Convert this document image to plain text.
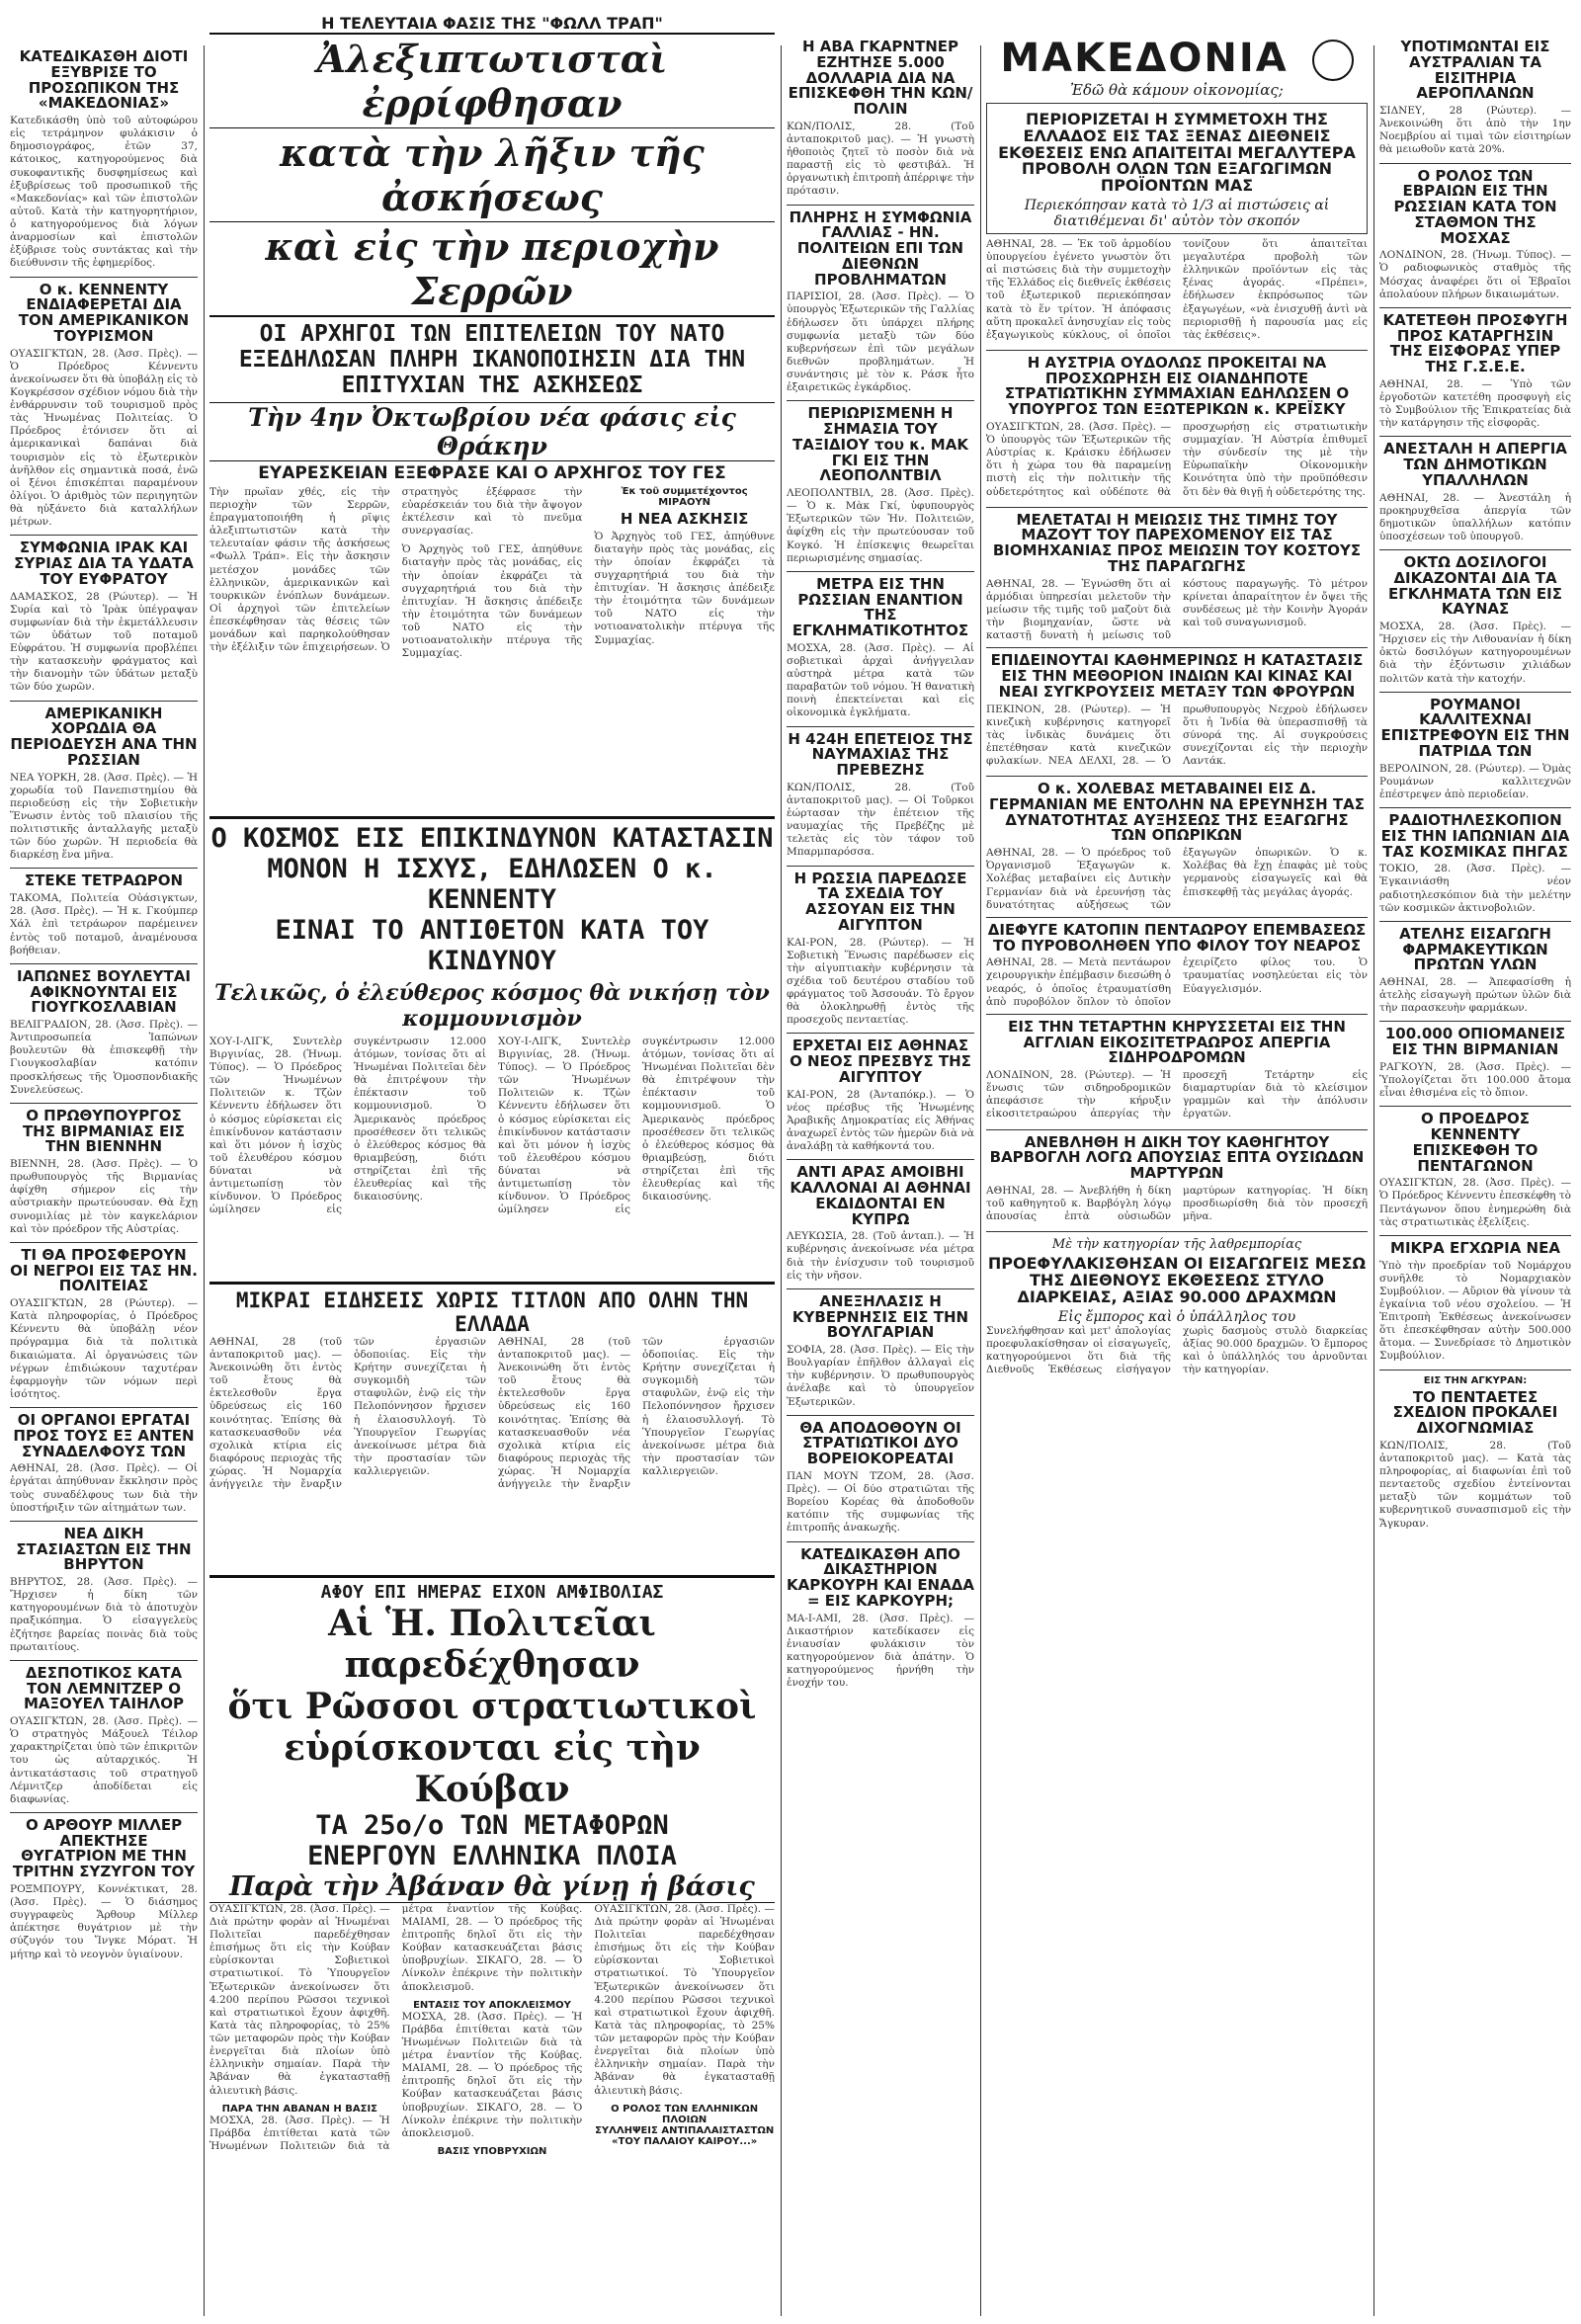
ΚΑΤΕΔΙΚΑΣΘΗ ΔΙΟΤΙ ΕΞΥΒΡΙΣΕ ΤΟ ΠΡΟΣΩΠΙΚΟΝ ΤΗΣ «ΜΑΚΕΔΟΝΙΑΣ»

Κατεδικάσθη ὑπὸ τοῦ αὐτοφώρου εἰς τετράμηνον φυλάκισιν ὁ δημοσιογράφος, ἐτῶν 37, κάτοικος, κατηγορούμενος διὰ συκοφαντικῆς δυσφημίσεως καὶ ἐξυβρίσεως τοῦ προσωπικοῦ τῆς «Μακεδονίας» καὶ τῶν ἐπιστολῶν αὐτοῦ. Κατὰ τὴν κατηγορητήριον, ὁ κατηγορούμενος διὰ λόγων ἀναρμοσίων καὶ ἐπιστολῶν ἐξύβρισε τοὺς συντάκτας καὶ τὴν διεύθυνσιν τῆς ἐφημερίδος.

Ο κ. ΚΕΝΝΕΝΤΥ ΕΝΔΙΑΦΕΡΕΤΑΙ ΔΙΑ ΤΟΝ ΑΜΕΡΙΚΑΝΙΚΟΝ ΤΟΥΡΙΣΜΟΝ

ΟΥΑΣΙΓΚΤΩΝ, 28. (Ἀσσ. Πρὲς). — Ὁ Πρόεδρος Κέννεντυ ἀνεκοίνωσεν ὅτι θὰ ὑποβάλῃ εἰς τὸ Κογκρέσσον σχέδιον νόμου διὰ τὴν ἐνθάρρυνσιν τοῦ τουρισμοῦ πρὸς τὰς Ἡνωμένας Πολιτείας. Ὁ Πρόεδρος ἐτόνισεν ὅτι αἱ ἀμερικανικαὶ δαπάναι διὰ τουρισμὸν εἰς τὸ ἐξωτερικὸν ἀνῆλθον εἰς σημαντικὰ ποσά, ἐνῶ οἱ ξένοι ἐπισκέπται παραμένουν ὀλίγοι. Ὁ ἀριθμὸς τῶν περιηγητῶν θὰ ηὐξάνετο διὰ καταλλήλων μέτρων.

ΣΥΜΦΩΝΙΑ ΙΡΑΚ ΚΑΙ ΣΥΡΙΑΣ ΔΙΑ ΤΑ ΥΔΑΤΑ ΤΟΥ ΕΥΦΡΑΤΟΥ

ΔΑΜΑΣΚΟΣ, 28 (Ρώυτερ). — Ἡ Συρία καὶ τὸ Ἰρὰκ ὑπέγραψαν συμφωνίαν διὰ τὴν ἐκμετάλλευσιν τῶν ὑδάτων τοῦ ποταμοῦ Εὐφράτου. Ἡ συμφωνία προβλέπει τὴν κατασκευὴν φράγματος καὶ τὴν διανομὴν τῶν ὑδάτων μεταξὺ τῶν δύο χωρῶν.

ΑΜΕΡΙΚΑΝΙΚΗ ΧΟΡΩΔΙΑ ΘΑ ΠΕΡΙΟΔΕΥΣΗ ΑΝΑ ΤΗΝ ΡΩΣΣΙΑΝ

ΝΕΑ ΥΟΡΚΗ, 28. (Ἀσσ. Πρὲς). — Ἡ χορωδία τοῦ Πανεπιστημίου θὰ περιοδεύσῃ εἰς τὴν Σοβιετικὴν Ἕνωσιν ἐντὸς τοῦ πλαισίου τῆς πολιτιστικῆς ἀνταλλαγῆς μεταξὺ τῶν δύο χωρῶν. Ἡ περιοδεία θὰ διαρκέσῃ ἕνα μῆνα.

ΣΤΕΚΕ ΤΕΤΡΑΩΡΟΝ

ΤΑΚΟΜΑ, Πολιτεία Οὐάσιγκτων, 28. (Ἀσσ. Πρὲς). — Ἡ κ. Γκούμπερ Χάλ ἐπὶ τετράωρον παρέμεινεν ἐντὸς τοῦ ποταμοῦ, ἀναμένουσα βοήθειαν.

ΙΑΠΩΝΕΣ ΒΟΥΛΕΥΤΑΙ ΑΦΙΚΝΟΥΝΤΑΙ ΕΙΣ ΓΙΟΥΓΚΟΣΛΑΒΙΑΝ

ΒΕΛΙΓΡΑΔΙΟΝ, 28. (Ἀσσ. Πρὲς). — Ἀντιπροσωπεία Ἰαπώνων βουλευτῶν θὰ ἐπισκεφθῇ τὴν Γιουγκοσλαβίαν κατόπιν προσκλήσεως τῆς Ὁμοσπονδιακῆς Συνελεύσεως.

Ο ΠΡΩΘΥΠΟΥΡΓΟΣ ΤΗΣ ΒΙΡΜΑΝΙΑΣ ΕΙΣ ΤΗΝ ΒΙΕΝΝΗΝ

ΒΙΕΝΝΗ, 28. (Ἀσσ. Πρὲς). — Ὁ πρωθυπουργὸς τῆς Βιρμανίας ἀφίχθη σήμερον εἰς τὴν αὐστριακὴν πρωτεύουσαν. Θὰ ἔχῃ συνομιλίας μὲ τὸν καγκελάριον καὶ τὸν πρόεδρον τῆς Αὐστρίας.

ΤΙ ΘΑ ΠΡΟΣΦΕΡΟΥΝ ΟΙ ΝΕΓΡΟΙ ΕΙΣ ΤΑΣ ΗΝ. ΠΟΛΙΤΕΙΑΣ

ΟΥΑΣΙΓΚΤΩΝ, 28 (Ρώυτερ). — Κατὰ πληροφορίας, ὁ Πρόεδρος Κέννεντυ θὰ ὑποβάλῃ νέον πρόγραμμα διὰ τὰ πολιτικὰ δικαιώματα. Αἱ ὀργανώσεις τῶν νέγρων ἐπιδιώκουν ταχυτέραν ἐφαρμογὴν τῶν νόμων περὶ ἰσότητος.

ΟΙ ΟΡΓΑΝΟΙ ΕΡΓΑΤΑΙ ΠΡΟΣ ΤΟΥΣ ΕΞ ΑΝΤΕΝ ΣΥΝΑΔΕΛΦΟΥΣ ΤΩΝ

ΑΘΗΝΑΙ, 28. (Ἀσσ. Πρὲς). — Οἱ ἐργάται ἀπηύθυναν ἔκκλησιν πρὸς τοὺς συναδέλφους των διὰ τὴν ὑποστήριξιν τῶν αἰτημάτων των.

ΝΕΑ ΔΙΚΗ ΣΤΑΣΙΑΣΤΩΝ ΕΙΣ ΤΗΝ ΒΗΡΥΤΟΝ

ΒΗΡΥΤΟΣ, 28. (Ἀσσ. Πρὲς). — Ἤρχισεν ἡ δίκη τῶν κατηγορουμένων διὰ τὸ ἀποτυχὸν πραξικόπημα. Ὁ εἰσαγγελεὺς ἐζήτησε βαρείας ποινὰς διὰ τοὺς πρωταιτίους.

ΔΕΣΠΟΤΙΚΟΣ ΚΑΤΑ ΤΟΝ ΛΕΜΝΙΤΖΕΡ Ο ΜΑΞΟΥΕΛ ΤΑΙΗΛΟΡ

ΟΥΑΣΙΓΚΤΩΝ, 28. (Ἀσσ. Πρὲς). — Ὁ στρατηγὸς Μάξουελ Τέιλορ χαρακτηρίζεται ὑπὸ τῶν ἐπικριτῶν του ὡς αὐταρχικός. Ἡ ἀντικατάστασις τοῦ στρατηγοῦ Λέμνιτζερ ἀποδίδεται εἰς διαφωνίας.

Ο ΑΡΘΟΥΡ ΜΙΛΛΕΡ ΑΠΕΚΤΗΣΕ ΘΥΓΑΤΡΙΟΝ ΜΕ ΤΗΝ ΤΡΙΤΗΝ ΣΥΖΥΓΟΝ ΤΟΥ

ΡΟΞΜΠΟΥΡΥ, Κοννέκτικατ, 28. (Ἀσσ. Πρὲς). — Ὁ διάσημος συγγραφεὺς Ἄρθουρ Μίλλερ ἀπέκτησε θυγάτριον μὲ τὴν σύζυγόν του Ἴνγκε Μόρατ. Ἡ μήτηρ καὶ τὸ νεογνὸν ὑγιαίνουν.

Η ΤΕΛΕΥΤΑΙΑ ΦΑΣΙΣ ΤΗΣ "ΦΩΛΛ ΤΡΑΠ"
Ἀλεξιπτωτισταὶ ἐρρίφθησαν
κατὰ τὴν λῆξιν τῆς ἀσκήσεως
καὶ εἰς τὴν περιοχὴν Σερρῶν
ΟΙ ΑΡΧΗΓΟΙ ΤΩΝ ΕΠΙΤΕΛΕΙΩΝ ΤΟΥ ΝΑΤΟ ΕΞΕΔΗΛΩΣΑΝ ΠΛΗΡΗ ΙΚΑΝΟΠΟΙΗΣΙΝ ΔΙΑ ΤΗΝ ΕΠΙΤΥΧΙΑΝ ΤΗΣ ΑΣΚΗΣΕΩΣ
Τὴν 4ην Ὀκτωβρίου νέα φάσις εἰς Θράκην
ΕΥΑΡΕΣΚΕΙΑΝ ΕΞΕΦΡΑΣΕ ΚΑΙ Ο ΑΡΧΗΓΟΣ ΤΟΥ ΓΕΣ

Τὴν πρωΐαν χθές, εἰς τὴν περιοχὴν τῶν Σερρῶν, ἐπραγματοποιήθη ἡ ρῖψις ἀλεξιπτωτιστῶν κατὰ τὴν τελευταίαν φάσιν τῆς ἀσκήσεως «Φωλλ Τράπ». Εἰς τὴν ἄσκησιν μετέσχον μονάδες τῶν ἑλληνικῶν, ἀμερικανικῶν καὶ τουρκικῶν ἐνόπλων δυνάμεων. Οἱ ἀρχηγοὶ τῶν ἐπιτελείων ἐπεσκέφθησαν τὰς θέσεις τῶν μονάδων καὶ παρηκολούθησαν τὴν ἐξέλιξιν τῶν ἐπιχειρήσεων. Ὁ στρατηγὸς ἐξέφρασε τὴν εὐαρέσκειάν του διὰ τὴν ἄψογον ἐκτέλεσιν καὶ τὸ πνεῦμα συνεργασίας.

Ὁ Ἀρχηγὸς τοῦ ΓΕΣ, ἀπηύθυνε διαταγὴν πρὸς τὰς μονάδας, εἰς τὴν ὁποίαν ἐκφράζει τὰ συγχαρητήριά του διὰ τὴν ἐπιτυχίαν. Ἡ ἄσκησις ἀπέδειξε τὴν ἑτοιμότητα τῶν δυνάμεων τοῦ ΝΑΤΟ εἰς τὴν νοτιοανατολικὴν πτέρυγα τῆς Συμμαχίας.

Ἐκ τοῦ συμμετέχοντος ΜΙΡΑΟΥΝ
Η ΝΕΑ ΑΣΚΗΣΙΣ

Ὁ Ἀρχηγὸς τοῦ ΓΕΣ, ἀπηύθυνε διαταγὴν πρὸς τὰς μονάδας, εἰς τὴν ὁποίαν ἐκφράζει τὰ συγχαρητήριά του διὰ τὴν ἐπιτυχίαν. Ἡ ἄσκησις ἀπέδειξε τὴν ἑτοιμότητα τῶν δυνάμεων τοῦ ΝΑΤΟ εἰς τὴν νοτιοανατολικὴν πτέρυγα τῆς Συμμαχίας.

Ο ΚΟΣΜΟΣ ΕΙΣ ΕΠΙΚΙΝΔΥΝΟΝ ΚΑΤΑΣΤΑΣΙΝ
ΜΟΝΟΝ Η ΙΣΧΥΣ, ΕΔΗΛΩΣΕΝ Ο κ. ΚΕΝΝΕΝΤΥ
ΕΙΝΑΙ ΤΟ ΑΝΤΙΘΕΤΟΝ ΚΑΤΑ ΤΟΥ ΚΙΝΔΥΝΟΥ
Τελικῶς, ὁ ἐλεύθερος κόσμος θὰ νικήσῃ τὸν κομμουνισμὸν

ΧΟΥ-Ι-ΛΙΓΚ, Συντελὲρ Βιργινίας, 28. (Ἡνωμ. Τύπος). — Ὁ Πρόεδρος τῶν Ἡνωμένων Πολιτειῶν κ. Τζὼν Κέννεντυ ἐδήλωσεν ὅτι ὁ κόσμος εὑρίσκεται εἰς ἐπικίνδυνον κατάστασιν καὶ ὅτι μόνον ἡ ἰσχὺς τοῦ ἐλευθέρου κόσμου δύναται νὰ ἀντιμετωπίσῃ τὸν κίνδυνον. Ὁ Πρόεδρος ὡμίλησεν εἰς συγκέντρωσιν 12.000 ἀτόμων, τονίσας ὅτι αἱ Ἡνωμέναι Πολιτεῖαι δὲν θὰ ἐπιτρέψουν τὴν ἐπέκτασιν τοῦ κομμουνισμοῦ. Ὁ Ἀμερικανὸς πρόεδρος προσέθεσεν ὅτι τελικῶς ὁ ἐλεύθερος κόσμος θὰ θριαμβεύσῃ, διότι στηρίζεται ἐπὶ τῆς ἐλευθερίας καὶ τῆς δικαιοσύνης.

ΧΟΥ-Ι-ΛΙΓΚ, Συντελὲρ Βιργινίας, 28. (Ἡνωμ. Τύπος). — Ὁ Πρόεδρος τῶν Ἡνωμένων Πολιτειῶν κ. Τζὼν Κέννεντυ ἐδήλωσεν ὅτι ὁ κόσμος εὑρίσκεται εἰς ἐπικίνδυνον κατάστασιν καὶ ὅτι μόνον ἡ ἰσχὺς τοῦ ἐλευθέρου κόσμου δύναται νὰ ἀντιμετωπίσῃ τὸν κίνδυνον. Ὁ Πρόεδρος ὡμίλησεν εἰς συγκέντρωσιν 12.000 ἀτόμων, τονίσας ὅτι αἱ Ἡνωμέναι Πολιτεῖαι δὲν θὰ ἐπιτρέψουν τὴν ἐπέκτασιν τοῦ κομμουνισμοῦ. Ὁ Ἀμερικανὸς πρόεδρος προσέθεσεν ὅτι τελικῶς ὁ ἐλεύθερος κόσμος θὰ θριαμβεύσῃ, διότι στηρίζεται ἐπὶ τῆς ἐλευθερίας καὶ τῆς δικαιοσύνης.

ΜΙΚΡΑΙ ΕΙΔΗΣΕΙΣ ΧΩΡΙΣ ΤΙΤΛΟΝ ΑΠΟ ΟΛΗΝ ΤΗΝ ΕΛΛΑΔΑ

ΑΘΗΝΑΙ, 28 (τοῦ ἀνταποκριτοῦ μας). — Ἀνεκοινώθη ὅτι ἐντὸς τοῦ ἔτους θὰ ἐκτελεσθοῦν ἔργα ὑδρεύσεως εἰς 160 κοινότητας. Ἐπίσης θὰ κατασκευασθοῦν νέα σχολικὰ κτίρια εἰς διαφόρους περιοχὰς τῆς χώρας. Ἡ Νομαρχία ἀνήγγειλε τὴν ἔναρξιν τῶν ἐργασιῶν ὁδοποιίας. Εἰς τὴν Κρήτην συνεχίζεται ἡ συγκομιδὴ τῶν σταφυλῶν, ἐνῷ εἰς τὴν Πελοπόννησον ἤρχισεν ἡ ἐλαιοσυλλογή. Τὸ Ὑπουργεῖον Γεωργίας ἀνεκοίνωσε μέτρα διὰ τὴν προστασίαν τῶν καλλιεργειῶν.

ΑΘΗΝΑΙ, 28 (τοῦ ἀνταποκριτοῦ μας). — Ἀνεκοινώθη ὅτι ἐντὸς τοῦ ἔτους θὰ ἐκτελεσθοῦν ἔργα ὑδρεύσεως εἰς 160 κοινότητας. Ἐπίσης θὰ κατασκευασθοῦν νέα σχολικὰ κτίρια εἰς διαφόρους περιοχὰς τῆς χώρας. Ἡ Νομαρχία ἀνήγγειλε τὴν ἔναρξιν τῶν ἐργασιῶν ὁδοποιίας. Εἰς τὴν Κρήτην συνεχίζεται ἡ συγκομιδὴ τῶν σταφυλῶν, ἐνῷ εἰς τὴν Πελοπόννησον ἤρχισεν ἡ ἐλαιοσυλλογή. Τὸ Ὑπουργεῖον Γεωργίας ἀνεκοίνωσε μέτρα διὰ τὴν προστασίαν τῶν καλλιεργειῶν.

ΑΦΟΥ ΕΠΙ ΗΜΕΡΑΣ ΕΙΧΟΝ ΑΜΦΙΒΟΛΙΑΣ
Αἱ Ἡ. Πολιτεῖαι παρεδέχθησαν
ὅτι Ρῶσσοι στρατιωτικοὶ
εὑρίσκονται εἰς τὴν Κούβαν
ΤΑ 25ο/ο ΤΩΝ ΜΕΤΑΦΟΡΩΝ
ΕΝΕΡΓΟΥΝ ΕΛΛΗΝΙΚΑ ΠΛΟΙΑ
Παρὰ τὴν Ἀβάναν θὰ γίνῃ ἡ βάσις

ΟΥΑΣΙΓΚΤΩΝ, 28. (Ἀσσ. Πρὲς). — Διὰ πρώτην φορὰν αἱ Ἡνωμέναι Πολιτεῖαι παρεδέχθησαν ἐπισήμως ὅτι εἰς τὴν Κούβαν εὑρίσκονται Σοβιετικοὶ στρατιωτικοί. Τὸ Ὑπουργεῖον Ἐξωτερικῶν ἀνεκοίνωσεν ὅτι 4.200 περίπου Ρῶσσοι τεχνικοὶ καὶ στρατιωτικοὶ ἔχουν ἀφιχθῆ. Κατὰ τὰς πληροφορίας, τὸ 25% τῶν μεταφορῶν πρὸς τὴν Κούβαν ἐνεργεῖται διὰ πλοίων ὑπὸ ἑλληνικὴν σημαίαν. Παρὰ τὴν Ἀβάναν θὰ ἐγκατασταθῇ ἁλιευτικὴ βάσις.

ΠΑΡΑ ΤΗΝ ΑΒΑΝΑΝ Η ΒΑΣΙΣ

ΜΟΣΧΑ, 28. (Ἀσσ. Πρὲς). — Ἡ Πράβδα ἐπιτίθεται κατὰ τῶν Ἡνωμένων Πολιτειῶν διὰ τὰ μέτρα ἐναντίον τῆς Κούβας. ΜΑΙΑΜΙ, 28. — Ὁ πρόεδρος τῆς ἐπιτροπῆς δηλοῖ ὅτι εἰς τὴν Κούβαν κατασκευάζεται βάσις ὑποβρυχίων. ΣΙΚΑΓΟ, 28. — Ὁ Λίνκολν ἐπέκρινε τὴν πολιτικὴν ἀποκλεισμοῦ.

ΕΝΤΑΣΙΣ ΤΟΥ ΑΠΟΚΛΕΙΣΜΟΥ

ΜΟΣΧΑ, 28. (Ἀσσ. Πρὲς). — Ἡ Πράβδα ἐπιτίθεται κατὰ τῶν Ἡνωμένων Πολιτειῶν διὰ τὰ μέτρα ἐναντίον τῆς Κούβας. ΜΑΙΑΜΙ, 28. — Ὁ πρόεδρος τῆς ἐπιτροπῆς δηλοῖ ὅτι εἰς τὴν Κούβαν κατασκευάζεται βάσις ὑποβρυχίων. ΣΙΚΑΓΟ, 28. — Ὁ Λίνκολν ἐπέκρινε τὴν πολιτικὴν ἀποκλεισμοῦ.

ΒΑΣΙΣ ΥΠΟΒΡΥΧΙΩΝ

ΟΥΑΣΙΓΚΤΩΝ, 28. (Ἀσσ. Πρὲς). — Διὰ πρώτην φορὰν αἱ Ἡνωμέναι Πολιτεῖαι παρεδέχθησαν ἐπισήμως ὅτι εἰς τὴν Κούβαν εὑρίσκονται Σοβιετικοὶ στρατιωτικοί. Τὸ Ὑπουργεῖον Ἐξωτερικῶν ἀνεκοίνωσεν ὅτι 4.200 περίπου Ρῶσσοι τεχνικοὶ καὶ στρατιωτικοὶ ἔχουν ἀφιχθῆ. Κατὰ τὰς πληροφορίας, τὸ 25% τῶν μεταφορῶν πρὸς τὴν Κούβαν ἐνεργεῖται διὰ πλοίων ὑπὸ ἑλληνικὴν σημαίαν. Παρὰ τὴν Ἀβάναν θὰ ἐγκατασταθῇ ἁλιευτικὴ βάσις.

Ο ΡΟΛΟΣ ΤΩΝ ΕΛΛΗΝΙΚΩΝ ΠΛΟΙΩΝ
ΣΥΛΛΗΨΕΙΣ ΑΝΤΙΠΑΛΑΙΣΤΑΣΤΩΝ
«ΤΟΥ ΠΑΛΑΙΟΥ ΚΑΙΡΟΥ...»
Η ΑΒΑ ΓΚΑΡΝΤΝΕΡ ΕΖΗΤΗΣΕ 5.000 ΔΟΛΛΑΡΙΑ ΔΙΑ ΝΑ ΕΠΙΣΚΕΦΘΗ ΤΗΝ ΚΩΝ/ΠΟΛΙΝ

ΚΩΝ/ΠΟΛΙΣ, 28. (Τοῦ ἀνταποκριτοῦ μας). — Ἡ γνωστὴ ἠθοποιὸς ζητεῖ τὸ ποσὸν διὰ νὰ παραστῇ εἰς τὸ φεστιβάλ. Ἡ ὀργανωτικὴ ἐπιτροπὴ ἀπέρριψε τὴν πρότασιν.

ΠΛΗΡΗΣ Η ΣΥΜΦΩΝΙΑ ΓΑΛΛΙΑΣ - ΗΝ. ΠΟΛΙΤΕΙΩΝ ΕΠΙ ΤΩΝ ΔΙΕΘΝΩΝ ΠΡΟΒΛΗΜΑΤΩΝ

ΠΑΡΙΣΙΟΙ, 28. (Ἀσσ. Πρὲς). — Ὁ ὑπουργὸς Ἐξωτερικῶν τῆς Γαλλίας ἐδήλωσεν ὅτι ὑπάρχει πλήρης συμφωνία μεταξὺ τῶν δύο κυβερνήσεων ἐπὶ τῶν μεγάλων διεθνῶν προβλημάτων. Ἡ συνάντησις μὲ τὸν κ. Ράσκ ἦτο ἐξαιρετικῶς ἐγκάρδιος.

ΠΕΡΙΩΡΙΣΜΕΝΗ Η ΣΗΜΑΣΙΑ ΤΟΥ ΤΑΞΙΔΙΟΥ του κ. ΜΑΚ ΓΚΙ ΕΙΣ ΤΗΝ ΛΕΟΠΟΛΝΤΒΙΛ

ΛΕΟΠΟΛΝΤΒΙΛ, 28. (Ἀσσ. Πρὲς). — Ὁ κ. Μὰκ Γκί, ὑφυπουργὸς Ἐξωτερικῶν τῶν Ἡν. Πολιτειῶν, ἀφίχθη εἰς τὴν πρωτεύουσαν τοῦ Κογκό. Ἡ ἐπίσκεψις θεωρεῖται περιωρισμένης σημασίας.

ΜΕΤΡΑ ΕΙΣ ΤΗΝ ΡΩΣΣΙΑΝ ΕΝΑΝΤΙΟΝ ΤΗΣ ΕΓΚΛΗΜΑΤΙΚΟΤΗΤΟΣ

ΜΟΣΧΑ, 28. (Ἀσσ. Πρὲς). — Αἱ σοβιετικαὶ ἀρχαὶ ἀνήγγειλαν αὐστηρὰ μέτρα κατὰ τῶν παραβατῶν τοῦ νόμου. Ἡ θανατικὴ ποινὴ ἐπεκτείνεται καὶ εἰς οἰκονομικὰ ἐγκλήματα.

Η 424Η ΕΠΕΤΕΙΟΣ ΤΗΣ ΝΑΥΜΑΧΙΑΣ ΤΗΣ ΠΡΕΒΕΖΗΣ

ΚΩΝ/ΠΟΛΙΣ, 28. (Τοῦ ἀνταποκριτοῦ μας). — Οἱ Τοῦρκοι ἑώρτασαν τὴν ἐπέτειον τῆς ναυμαχίας τῆς Πρεβέζης μὲ τελετὰς εἰς τὸν τάφον τοῦ Μπαρμπαρόσσα.

Η ΡΩΣΣΙΑ ΠΑΡΕΔΩΣΕ ΤΑ ΣΧΕΔΙΑ ΤΟΥ ΑΣΣΟΥΑΝ ΕΙΣ ΤΗΝ ΑΙΓΥΠΤΟΝ

ΚΑΙ-ΡΟΝ, 28. (Ρώυτερ). — Ἡ Σοβιετικὴ Ἕνωσις παρέδωσεν εἰς τὴν αἰγυπτιακὴν κυβέρνησιν τὰ σχέδια τοῦ δευτέρου σταδίου τοῦ φράγματος τοῦ Ἀσσουάν. Τὸ ἔργον θὰ ὁλοκληρωθῇ ἐντὸς τῆς προσεχοῦς πενταετίας.

ΕΡΧΕΤΑΙ ΕΙΣ ΑΘΗΝΑΣ Ο ΝΕΟΣ ΠΡΕΣΒΥΣ ΤΗΣ ΑΙΓΥΠΤΟΥ

ΚΑΙ-ΡΟΝ, 28 (Ἀνταπόκρ.). — Ὁ νέος πρέσβυς τῆς Ἡνωμένης Ἀραβικῆς Δημοκρατίας εἰς Ἀθήνας ἀναχωρεῖ ἐντὸς τῶν ἡμερῶν διὰ νὰ ἀναλάβῃ τὰ καθήκοντά του.

ΑΝΤΙ ΑΡΑΣ ΑΜΟΙΒΗΙ ΚΑΛΛΟΝΑΙ ΑΙ ΑΘΗΝΑΙ ΕΚΔΙΔΟΝΤΑΙ ΕΝ ΚΥΠΡΩ

ΛΕΥΚΩΣΙΑ, 28. (Τοῦ ἀνταπ.). — Ἡ κυβέρνησις ἀνεκοίνωσε νέα μέτρα διὰ τὴν ἐνίσχυσιν τοῦ τουρισμοῦ εἰς τὴν νῆσον.

ΑΝΕΞΗΛΑΣΙΣ Η ΚΥΒΕΡΝΗΣΙΣ ΕΙΣ ΤΗΝ ΒΟΥΛΓΑΡΙΑΝ

ΣΟΦΙΑ, 28. (Ἀσσ. Πρὲς). — Εἰς τὴν Βουλγαρίαν ἐπῆλθον ἀλλαγαὶ εἰς τὴν κυβέρνησιν. Ὁ πρωθυπουργὸς ἀνέλαβε καὶ τὸ ὑπουργεῖον Ἐξωτερικῶν.

ΘΑ ΑΠΟΔΟΘΟΥΝ ΟΙ ΣΤΡΑΤΙΩΤΙΚΟΙ ΔΥΟ ΒΟΡΕΙΟΚΟΡΕΑΤΑΙ

ΠΑΝ ΜΟΥΝ ΤΖΟΜ, 28. (Ἀσσ. Πρὲς). — Οἱ δύο στρατιῶται τῆς Βορείου Κορέας θὰ ἀποδοθοῦν κατόπιν τῆς συμφωνίας τῆς ἐπιτροπῆς ἀνακωχῆς.

ΚΑΤΕΔΙΚΑΣΘΗ ΑΠΟ ΔΙΚΑΣΤΗΡΙΟΝ ΚΑΡΚΟΥΡΗ ΚΑΙ ΕΝΑΔΑ = ΕΙΣ ΚΑΡΚΟΥΡΗ;

ΜΑ-Ι-ΑΜΙ, 28. (Ἀσσ. Πρὲς). — Δικαστήριον κατεδίκασεν εἰς ἐνιαυσίαν φυλάκισιν τὸν κατηγορούμενον διὰ ἀπάτην. Ὁ κατηγορούμενος ἠρνήθη τὴν ἐνοχήν του.

ΜΑΚΕΔΟΝΙΑ
Ἐδῶ θὰ κάμουν οἰκονομίας;
ΠΕΡΙΟΡΙΖΕΤΑΙ Η ΣΥΜΜΕΤΟΧΗ ΤΗΣ ΕΛΛΑΔΟΣ ΕΙΣ ΤΑΣ ΞΕΝΑΣ ΔΙΕΘΝΕΙΣ ΕΚΘΕΣΕΙΣ ΕΝΩ ΑΠΑΙΤΕΙΤΑΙ ΜΕΓΑΛΥΤΕΡΑ ΠΡΟΒΟΛΗ ΟΛΩΝ ΤΩΝ ΕΞΑΓΩΓΙΜΩΝ ΠΡΟΪΟΝΤΩΝ ΜΑΣ
Περιεκόπησαν κατὰ τὸ 1/3 αἱ πιστώσεις αἱ διατιθέμεναι δι' αὐτὸν τὸν σκοπόν

ΑΘΗΝΑΙ, 28. — Ἐκ τοῦ ἁρμοδίου ὑπουργείου ἐγένετο γνωστὸν ὅτι αἱ πιστώσεις διὰ τὴν συμμετοχὴν τῆς Ἑλλάδος εἰς διεθνεῖς ἐκθέσεις τοῦ ἐξωτερικοῦ περιεκόπησαν κατὰ τὸ ἕν τρίτον. Ἡ ἀπόφασις αὕτη προκαλεῖ ἀνησυχίαν εἰς τοὺς ἐξαγωγικοὺς κύκλους, οἱ ὁποῖοι τονίζουν ὅτι ἀπαιτεῖται μεγαλυτέρα προβολὴ τῶν ἑλληνικῶν προϊόντων εἰς τὰς ξένας ἀγοράς. «Πρέπει», ἐδήλωσεν ἐκπρόσωπος τῶν ἐξαγωγέων, «νὰ ἐνισχυθῇ ἀντὶ νὰ περιορισθῇ ἡ παρουσία μας εἰς τὰς ἐκθέσεις».

Η ΑΥΣΤΡΙΑ ΟΥΔΟΛΩΣ ΠΡΟΚΕΙΤΑΙ ΝΑ ΠΡΟΣΧΩΡΗΣΗ ΕΙΣ ΟΙΑΝΔΗΠΟΤΕ ΣΤΡΑΤΙΩΤΙΚΗΝ ΣΥΜΜΑΧΙΑΝ ΕΔΗΛΩΣΕΝ Ο ΥΠΟΥΡΓΟΣ ΤΩΝ ΕΞΩΤΕΡΙΚΩΝ κ. ΚΡΕΪΣΚΥ

ΟΥΑΣΙΓΚΤΩΝ, 28. (Ἀσσ. Πρὲς). — Ὁ ὑπουργὸς τῶν Ἐξωτερικῶν τῆς Αὐστρίας κ. Κράισκυ ἐδήλωσεν ὅτι ἡ χώρα του θὰ παραμείνῃ πιστὴ εἰς τὴν πολιτικὴν τῆς οὐδετερότητος καὶ οὐδέποτε θὰ προσχωρήσῃ εἰς στρατιωτικὴν συμμαχίαν. Ἡ Αὐστρία ἐπιθυμεῖ τὴν σύνδεσίν της μὲ τὴν Εὐρωπαϊκὴν Οἰκονομικὴν Κοινότητα ὑπὸ τὴν προϋπόθεσιν ὅτι δὲν θὰ θιγῇ ἡ οὐδετερότης της.

ΜΕΛΕΤΑΤΑΙ Η ΜΕΙΩΣΙΣ ΤΗΣ ΤΙΜΗΣ ΤΟΥ ΜΑΖΟΥΤ ΤΟΥ ΠΑΡΕΧΟΜΕΝΟΥ ΕΙΣ ΤΑΣ ΒΙΟΜΗΧΑΝΙΑΣ ΠΡΟΣ ΜΕΙΩΣΙΝ ΤΟΥ ΚΟΣΤΟΥΣ ΤΗΣ ΠΑΡΑΓΩΓΗΣ

ΑΘΗΝΑΙ, 28. — Ἐγνώσθη ὅτι αἱ ἁρμόδιαι ὑπηρεσίαι μελετοῦν τὴν μείωσιν τῆς τιμῆς τοῦ μαζοὺτ διὰ τὴν βιομηχανίαν, ὥστε νὰ καταστῇ δυνατὴ ἡ μείωσις τοῦ κόστους παραγωγῆς. Τὸ μέτρον κρίνεται ἀπαραίτητον ἐν ὄψει τῆς συνδέσεως μὲ τὴν Κοινὴν Ἀγοράν καὶ τοῦ συναγωνισμοῦ.

ΕΠΙΔΕΙΝΟΥΤΑΙ ΚΑΘΗΜΕΡΙΝΩΣ Η ΚΑΤΑΣΤΑΣΙΣ ΕΙΣ ΤΗΝ ΜΕΘΟΡΙΟΝ ΙΝΔΙΩΝ ΚΑΙ ΚΙΝΑΣ ΚΑΙ ΝΕΑΙ ΣΥΓΚΡΟΥΣΕΙΣ ΜΕΤΑΞΥ ΤΩΝ ΦΡΟΥΡΩΝ

ΠΕΚΙΝΟΝ, 28. (Ρώυτερ). — Ἡ κινεζικὴ κυβέρνησις κατηγορεῖ τὰς ἰνδικὰς δυνάμεις ὅτι ἐπετέθησαν κατὰ κινεζικῶν φυλακίων. ΝΕΑ ΔΕΛΧΙ, 28. — Ὁ πρωθυπουργὸς Νεχροὺ ἐδήλωσεν ὅτι ἡ Ἰνδία θὰ ὑπερασπισθῇ τὰ σύνορά της. Αἱ συγκρούσεις συνεχίζονται εἰς τὴν περιοχὴν Λαντάκ.

Ο κ. ΧΟΛΕΒΑΣ ΜΕΤΑΒΑΙΝΕΙ ΕΙΣ Δ. ΓΕΡΜΑΝΙΑΝ ΜΕ ΕΝΤΟΛΗΝ ΝΑ ΕΡΕΥΝΗΣΗ ΤΑΣ ΔΥΝΑΤΟΤΗΤΑΣ ΑΥΞΗΣΕΩΣ ΤΗΣ ΕΞΑΓΩΓΗΣ ΤΩΝ ΟΠΩΡΙΚΩΝ

ΑΘΗΝΑΙ, 28. — Ὁ πρόεδρος τοῦ Ὀργανισμοῦ Ἐξαγωγῶν κ. Χολέβας μεταβαίνει εἰς Δυτικὴν Γερμανίαν διὰ νὰ ἐρευνήσῃ τὰς δυνατότητας αὐξήσεως τῶν ἐξαγωγῶν ὀπωρικῶν. Ὁ κ. Χολέβας θὰ ἔχῃ ἐπαφὰς μὲ τοὺς γερμανοὺς εἰσαγωγεῖς καὶ θὰ ἐπισκεφθῇ τὰς μεγάλας ἀγοράς.

ΔΙΕΦΥΓΕ ΚΑΤΟΠΙΝ ΠΕΝΤΑΩΡΟΥ ΕΠΕΜΒΑΣΕΩΣ ΤΟ ΠΥΡΟΒΟΛΗΘΕΝ ΥΠΟ ΦΙΛΟΥ ΤΟΥ ΝΕΑΡΟΣ

ΑΘΗΝΑΙ, 28. — Μετὰ πεντάωρον χειρουργικὴν ἐπέμβασιν διεσώθη ὁ νεαρός, ὁ ὁποῖος ἐτραυματίσθη ἀπὸ πυροβόλον ὅπλον τὸ ὁποῖον ἐχειρίζετο φίλος του. Ὁ τραυματίας νοσηλεύεται εἰς τὸν Εὐαγγελισμόν.

ΕΙΣ ΤΗΝ ΤΕΤΑΡΤΗΝ ΚΗΡΥΣΣΕΤΑΙ ΕΙΣ ΤΗΝ ΑΓΓΛΙΑΝ ΕΙΚΟΣΙΤΕΤΡΑΩΡΟΣ ΑΠΕΡΓΙΑ ΣΙΔΗΡΟΔΡΟΜΩΝ

ΛΟΝΔΙΝΟΝ, 28. (Ρώυτερ). — Ἡ ἕνωσις τῶν σιδηροδρομικῶν ἀπεφάσισε τὴν κήρυξιν εἰκοσιτετραώρου ἀπεργίας τὴν προσεχῆ Τετάρτην εἰς διαμαρτυρίαν διὰ τὸ κλείσιμον γραμμῶν καὶ τὴν ἀπόλυσιν ἐργατῶν.

ΑΝΕΒΛΗΘΗ Η ΔΙΚΗ ΤΟΥ ΚΑΘΗΓΗΤΟΥ ΒΑΡΒΟΓΛΗ ΛΟΓΩ ΑΠΟΥΣΙΑΣ ΕΠΤΑ ΟΥΣΙΩΔΩΝ ΜΑΡΤΥΡΩΝ

ΑΘΗΝΑΙ, 28. — Ἀνεβλήθη ἡ δίκη τοῦ καθηγητοῦ κ. Βαρβόγλη λόγῳ ἀπουσίας ἑπτὰ οὐσιωδῶν μαρτύρων κατηγορίας. Ἡ δίκη προσδιωρίσθη διὰ τὸν προσεχῆ μῆνα.

Μὲ τὴν κατηγορίαν τῆς λαθρεμπορίας
ΠΡΟΕΦΥΛΑΚΙΣΘΗΣΑΝ ΟΙ ΕΙΣΑΓΩΓΕΙΣ ΜΕΣΩ ΤΗΣ ΔΙΕΘΝΟΥΣ ΕΚΘΕΣΕΩΣ ΣΤΥΛΟ ΔΙΑΡΚΕΙΑΣ, ΑΞΙΑΣ 90.000 ΔΡΑΧΜΩΝ
Εἰς ἔμπορος καὶ ὁ ὑπάλληλος του

Συνελήφθησαν καὶ μετ' ἀπολογίας προεφυλακίσθησαν οἱ εἰσαγωγεῖς, κατηγορούμενοι ὅτι διὰ τῆς Διεθνοῦς Ἐκθέσεως εἰσήγαγον χωρὶς δασμοὺς στυλὸ διαρκείας ἀξίας 90.000 δραχμῶν. Ὁ ἔμπορος καὶ ὁ ὑπάλληλός του ἀρνοῦνται τὴν κατηγορίαν.

ΥΠΟΤΙΜΩΝΤΑΙ ΕΙΣ ΑΥΣΤΡΑΛΙΑΝ ΤΑ ΕΙΣΙΤΗΡΙΑ ΑΕΡΟΠΛΑΝΩΝ

ΣΙΔΝΕΥ, 28 (Ρώυτερ). — Ἀνεκοινώθη ὅτι ἀπὸ τὴν 1ην Νοεμβρίου αἱ τιμαὶ τῶν εἰσιτηρίων θὰ μειωθοῦν κατὰ 20%.

Ο ΡΟΛΟΣ ΤΩΝ ΕΒΡΑΙΩΝ ΕΙΣ ΤΗΝ ΡΩΣΣΙΑΝ ΚΑΤΑ ΤΟΝ ΣΤΑΘΜΟΝ ΤΗΣ ΜΟΣΧΑΣ

ΛΟΝΔΙΝΟΝ, 28. (Ἡνωμ. Τύπος). — Ὁ ραδιοφωνικὸς σταθμὸς τῆς Μόσχας ἀναφέρει ὅτι οἱ Ἑβραῖοι ἀπολαύουν πλήρων δικαιωμάτων.

ΚΑΤΕΤΕΘΗ ΠΡΟΣΦΥΓΗ ΠΡΟΣ ΚΑΤΑΡΓΗΣΙΝ ΤΗΣ ΕΙΣΦΟΡΑΣ ΥΠΕΡ ΤΗΣ Γ.Σ.Ε.Ε.

ΑΘΗΝΑΙ, 28. — Ὑπὸ τῶν ἐργοδοτῶν κατετέθη προσφυγὴ εἰς τὸ Συμβούλιον τῆς Ἐπικρατείας διὰ τὴν κατάργησιν τῆς εἰσφορᾶς.

ΑΝΕΣΤΑΛΗ Η ΑΠΕΡΓΙΑ ΤΩΝ ΔΗΜΟΤΙΚΩΝ ΥΠΑΛΛΗΛΩΝ

ΑΘΗΝΑΙ, 28. — Ἀνεστάλη ἡ προκηρυχθεῖσα ἀπεργία τῶν δημοτικῶν ὑπαλλήλων κατόπιν ὑποσχέσεων τοῦ ὑπουργοῦ.

ΟΚΤΩ ΔΟΣΙΛΟΓΟΙ ΔΙΚΑΖΟΝΤΑΙ ΔΙΑ ΤΑ ΕΓΚΛΗΜΑΤΑ ΤΩΝ ΕΙΣ ΚΑΥΝΑΣ

ΜΟΣΧΑ, 28. (Ἀσσ. Πρὲς). — Ἤρχισεν εἰς τὴν Λιθουανίαν ἡ δίκη ὀκτὼ δοσιλόγων κατηγορουμένων διὰ τὴν ἐξόντωσιν χιλιάδων πολιτῶν κατὰ τὴν κατοχήν.

ΡΟΥΜΑΝΟΙ ΚΑΛΛΙΤΕΧΝΑΙ ΕΠΙΣΤΡΕΦΟΥΝ ΕΙΣ ΤΗΝ ΠΑΤΡΙΔΑ ΤΩΝ

ΒΕΡΟΛΙΝΟΝ, 28. (Ρώυτερ). — Ὁμὰς Ρουμάνων καλλιτεχνῶν ἐπέστρεψεν ἀπὸ περιοδείαν.

ΡΑΔΙΟΤΗΛΕΣΚΟΠΙΟΝ ΕΙΣ ΤΗΝ ΙΑΠΩΝΙΑΝ ΔΙΑ ΤΑΣ ΚΟΣΜΙΚΑΣ ΠΗΓΑΣ

ΤΟΚΙΟ, 28. (Ἀσσ. Πρὲς). — Ἐγκαινιάσθη νέον ραδιοτηλεσκόπιον διὰ τὴν μελέτην τῶν κοσμικῶν ἀκτινοβολιῶν.

ΑΤΕΛΗΣ ΕΙΣΑΓΩΓΗ ΦΑΡΜΑΚΕΥΤΙΚΩΝ ΠΡΩΤΩΝ ΥΛΩΝ

ΑΘΗΝΑΙ, 28. — Ἀπεφασίσθη ἡ ἀτελὴς εἰσαγωγὴ πρώτων ὑλῶν διὰ τὴν παρασκευὴν φαρμάκων.

100.000 ΟΠΙΟΜΑΝΕΙΣ ΕΙΣ ΤΗΝ ΒΙΡΜΑΝΙΑΝ

ΡΑΓΚΟΥΝ, 28. (Ἀσσ. Πρὲς). — Ὑπολογίζεται ὅτι 100.000 ἄτομα εἶναι ἐθισμένα εἰς τὸ ὄπιον.

Ο ΠΡΟΕΔΡΟΣ ΚΕΝΝΕΝΤΥ ΕΠΙΣΚΕΦΘΗ ΤΟ ΠΕΝΤΑΓΩΝΟΝ

ΟΥΑΣΙΓΚΤΩΝ, 28. (Ἀσσ. Πρὲς). — Ὁ Πρόεδρος Κέννεντυ ἐπεσκέφθη τὸ Πεντάγωνον ὅπου ἐνημερώθη διὰ τὰς στρατιωτικὰς ἐξελίξεις.

ΜΙΚΡΑ ΕΓΧΩΡΙΑ ΝΕΑ

Ὑπὸ τὴν προεδρίαν τοῦ Νομάρχου συνῆλθε τὸ Νομαρχιακὸν Συμβούλιον. — Αὔριον θὰ γίνουν τὰ ἐγκαίνια τοῦ νέου σχολείου. — Ἡ Ἐπιτροπὴ Ἐκθέσεως ἀνεκοίνωσεν ὅτι ἐπεσκέφθησαν αὐτὴν 500.000 ἄτομα. — Συνεδρίασε τὸ Δημοτικὸν Συμβούλιον.

ΕΙΣ ΤΗΝ ΑΓΚΥΡΑΝ:
ΤΟ ΠΕΝΤΑΕΤΕΣ ΣΧΕΔΙΟΝ ΠΡΟΚΑΛΕΙ ΔΙΧΟΓΝΩΜΙΑΣ

ΚΩΝ/ΠΟΛΙΣ, 28. (Τοῦ ἀνταποκριτοῦ μας). — Κατὰ τὰς πληροφορίας, αἱ διαφωνίαι ἐπὶ τοῦ πενταετοῦς σχεδίου ἐντείνονται μεταξὺ τῶν κομμάτων τοῦ κυβερνητικοῦ συνασπισμοῦ εἰς τὴν Ἄγκυραν.
